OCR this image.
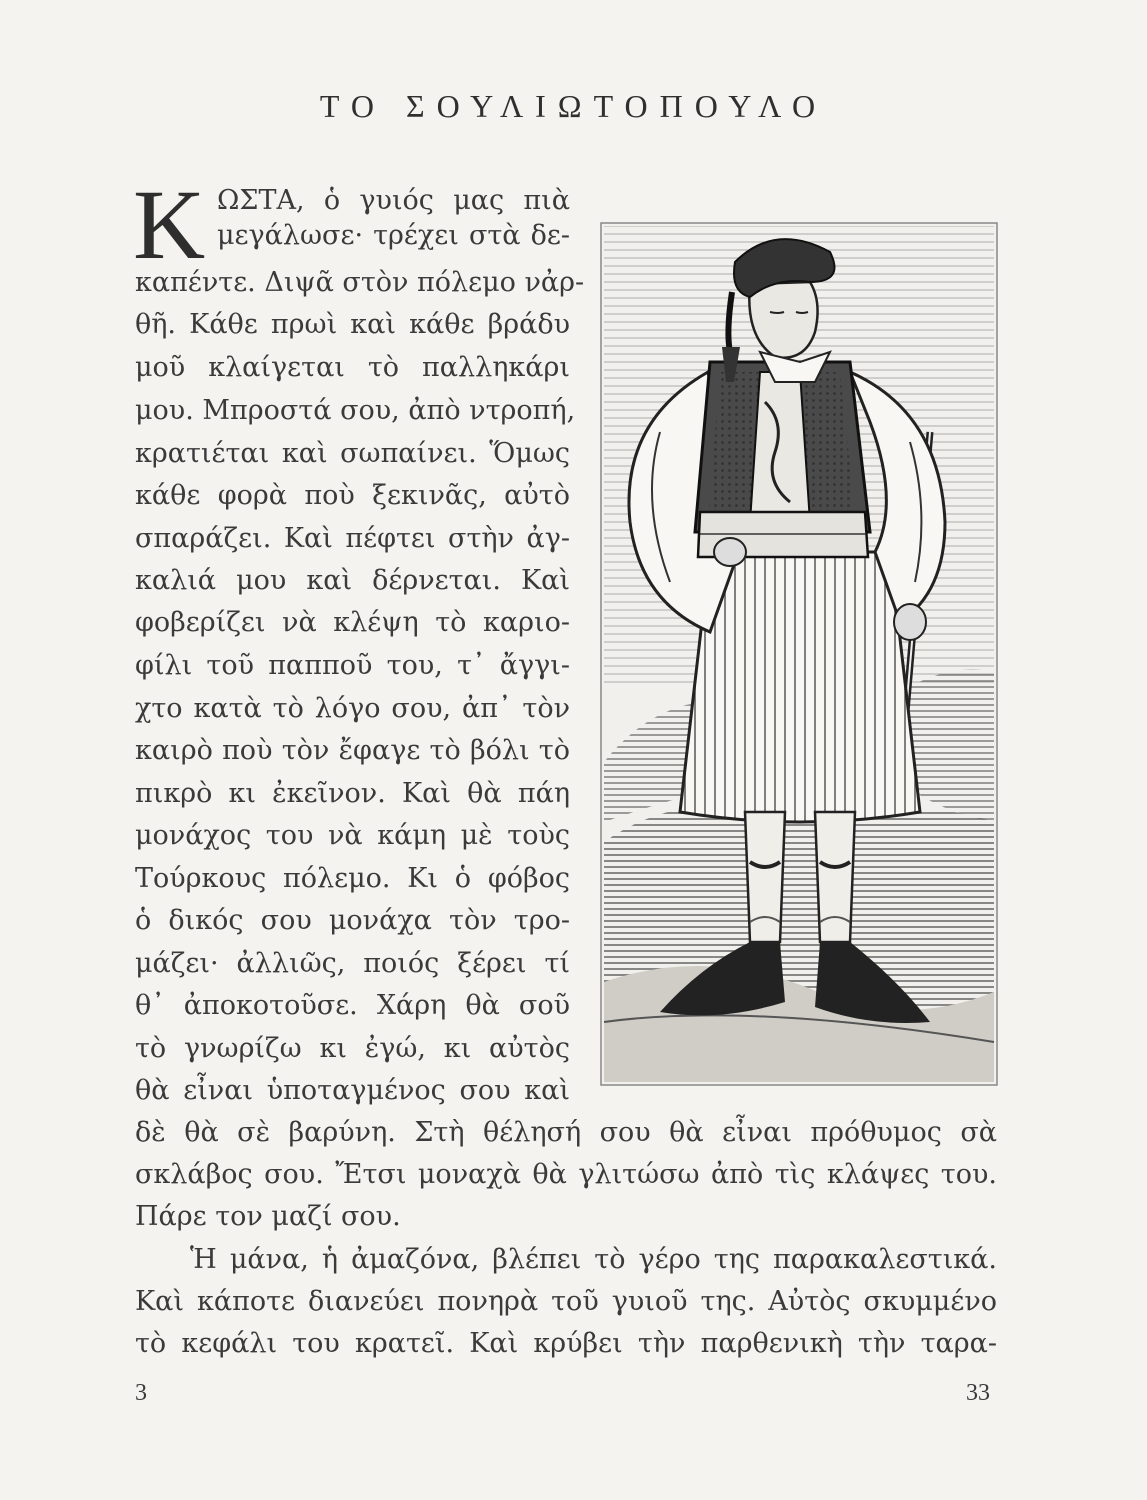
ΤΟ ΣΟΥΛΙΩΤΟΠΟΥΛΟ
Κ ΩΣΤΑ, ὁ γυιός μας πιὰ
μεγάλωσε· τρέχει στὰ δε-
καπέντε. Διψᾶ στὸν πόλεμο νἀρ-
θῆ. Κάθε πρωὶ καὶ κάθε βράδυ
μοῦ κλαίγεται τὸ παλληκάρι
μου. Μπροστά σου, ἀπὸ ντροπή,
κρατιέται καὶ σωπαίνει. Ὅμως
κάθε φορὰ ποὺ ξεκινᾶς, αὐτὸ
σπαράζει. Καὶ πέφτει στὴν ἀγ-
καλιά μου καὶ δέρνεται. Καὶ
φοβερίζει νὰ κλέψη τὸ καριο-
φίλι τοῦ παπποῦ του, τ᾿ ἄγγι-
χτο κατὰ τὸ λόγο σου, ἀπ᾿ τὸν
καιρὸ ποὺ τὸν ἔφαγε τὸ βόλι τὸ
πικρὸ κι ἐκεῖνον. Καὶ θὰ πάη
μονάχος του νὰ κάμη μὲ τοὺς
Τούρκους πόλεμο. Κι ὁ φόβος
ὁ δικός σου μονάχα τὸν τρο-
μάζει· ἀλλιῶς, ποιός ξέρει τί
θ᾿ ἀποκοτοῦσε. Χάρη θὰ σοῦ
τὸ γνωρίζω κι ἐγώ, κι αὐτὸς
θὰ εἶναι ὑποταγμένος σου καὶ
δὲ θὰ σὲ βαρύνη. Στὴ θέλησή σου θὰ εἶναι πρόθυμος σὰ
σκλάβος σου. Ἔτσι μοναχὰ θὰ γλιτώσω ἀπὸ τὶς κλάψες του.
Πάρε τον μαζί σου.
Ἡ μάνα, ἡ ἀμαζόνα, βλέπει τὸ γέρο της παρακαλεστικά.
Καὶ κάποτε διανεύει πονηρὰ τοῦ γυιοῦ της. Αὐτὸς σκυμμένο
τὸ κεφάλι του κρατεῖ. Καὶ κρύβει τὴν παρθενικὴ τὴν ταρα-
3	33
